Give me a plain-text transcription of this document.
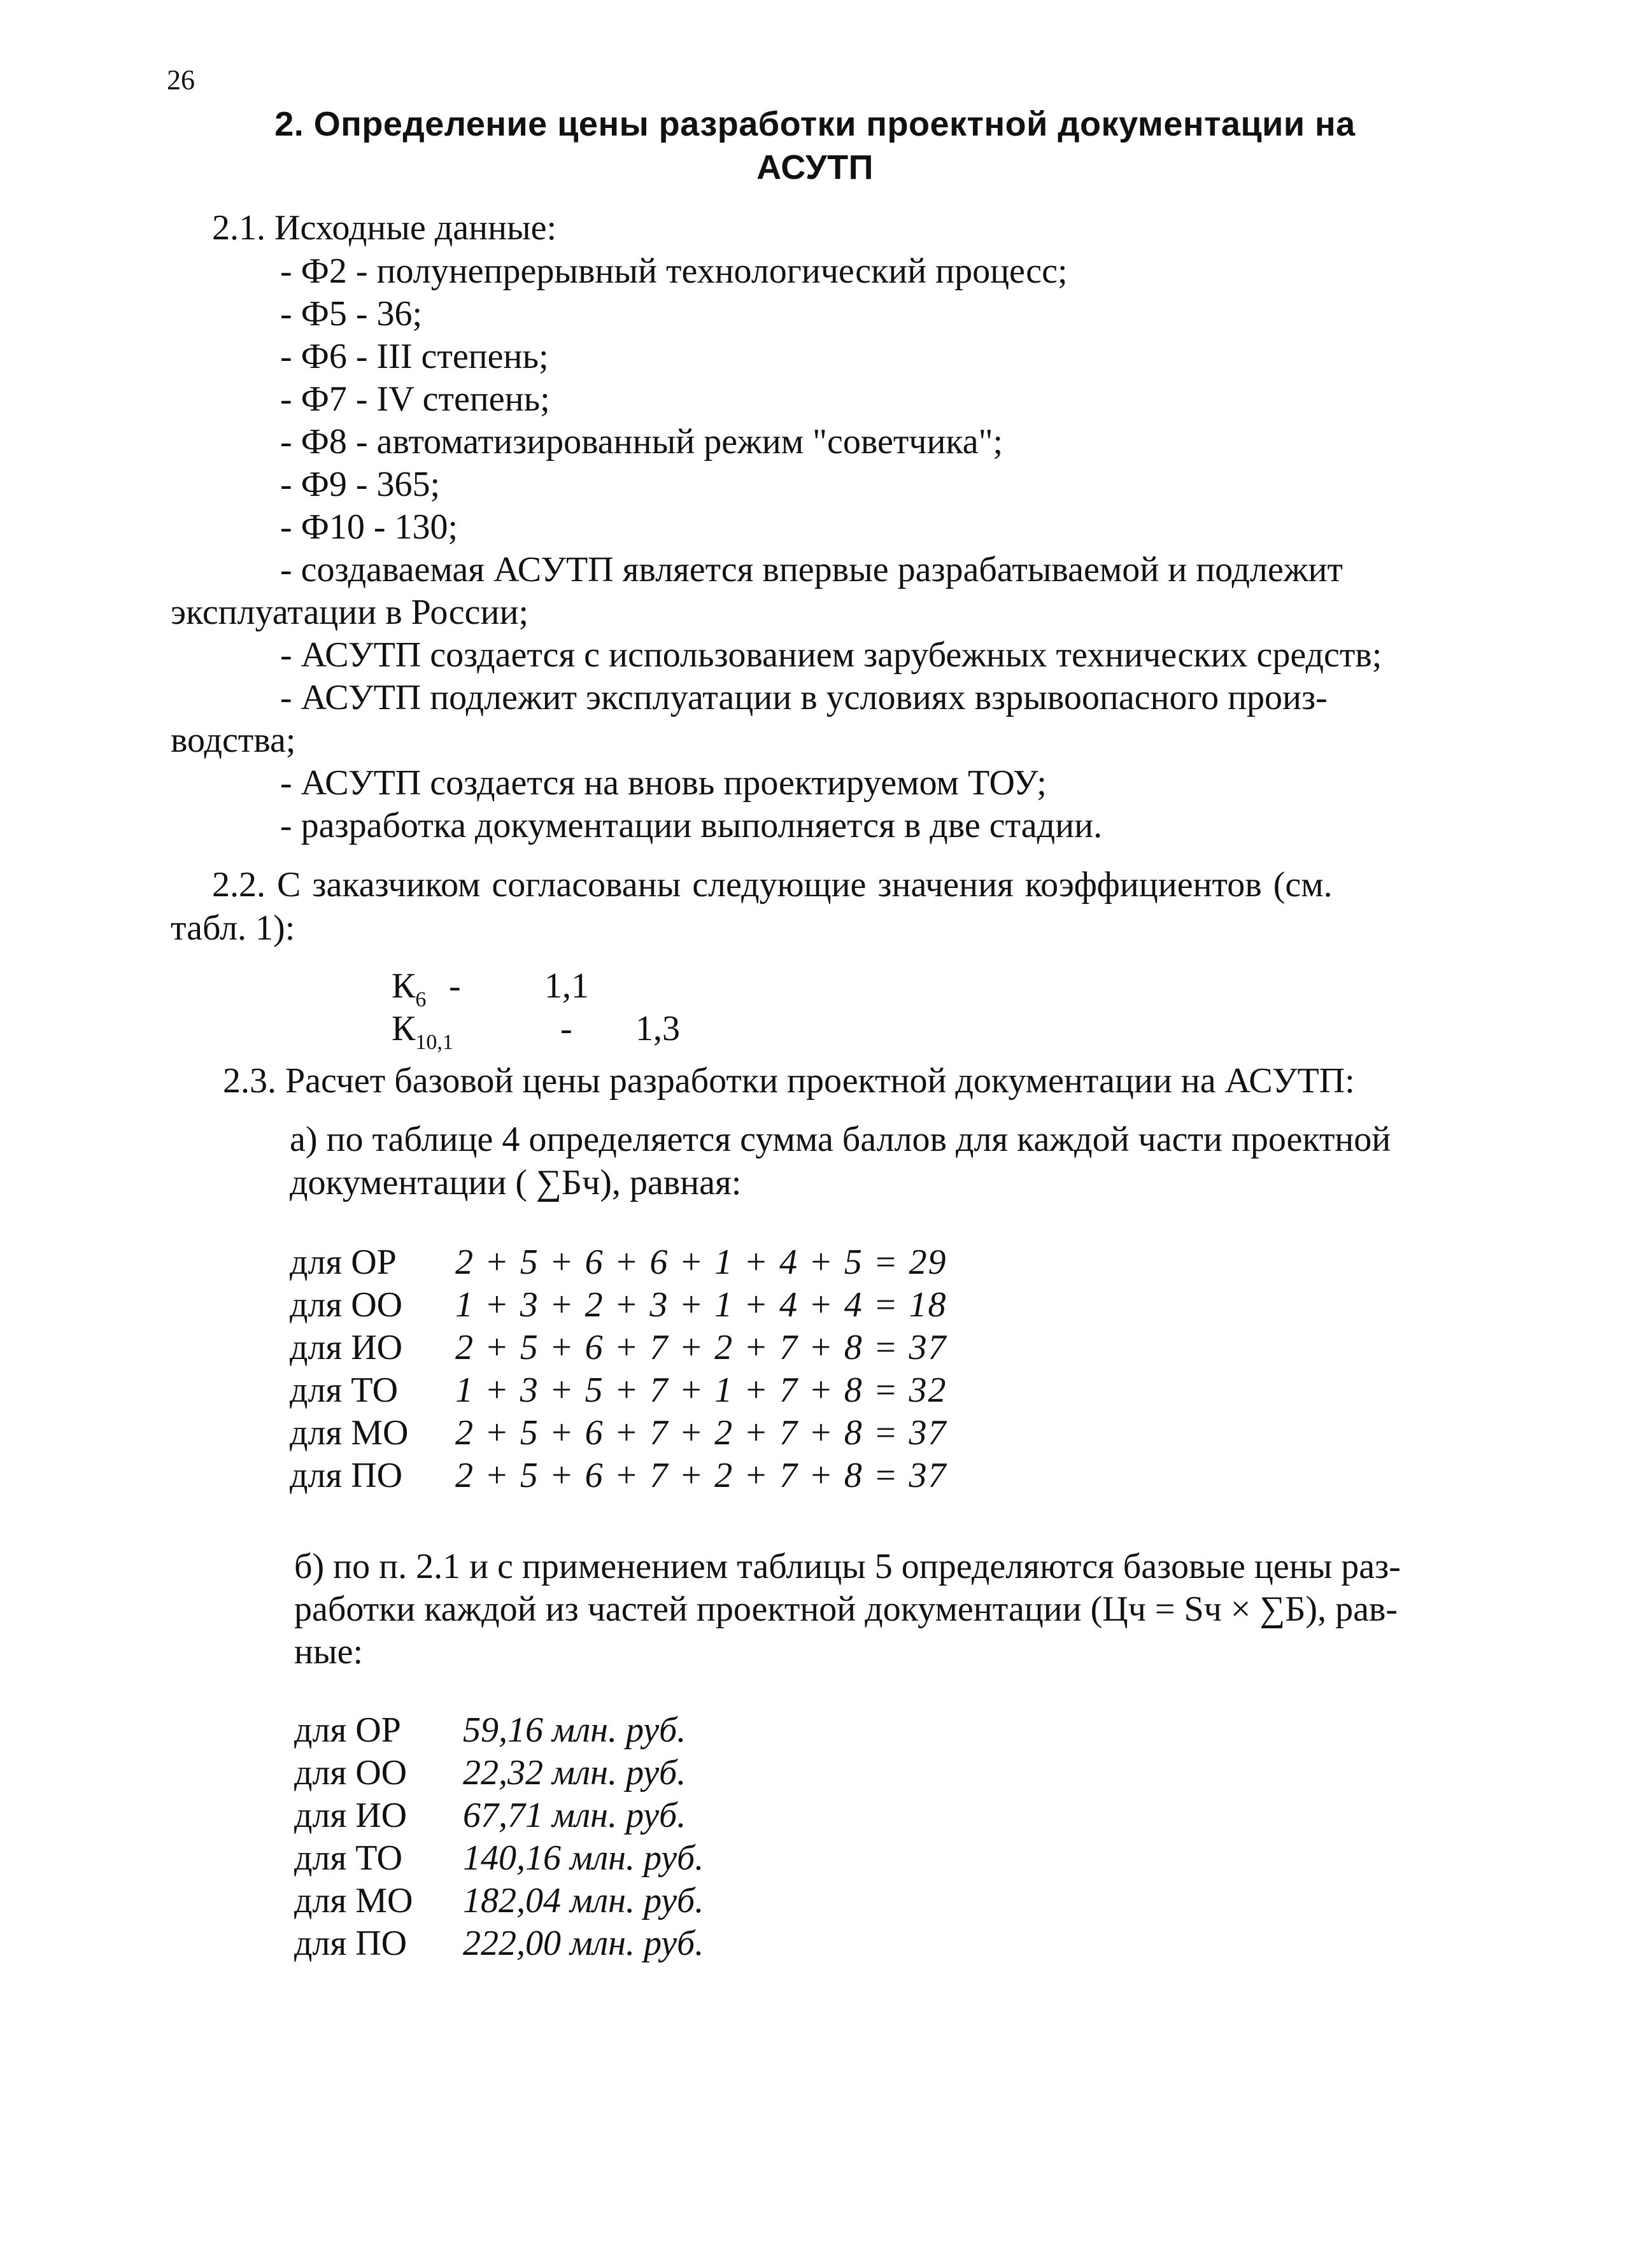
26
2. Определение цены разработки проектной документации на
АСУТП
2.1. Исходные данные:
- Ф2 - полунепрерывный технологический процесс;
- Ф5 - 36;
- Ф6 - III степень;
- Ф7 - IV степень;
- Ф8 - автоматизированный режим "советчика";
- Ф9 - 365;
- Ф10 - 130;
- создаваемая АСУТП является впервые разрабатываемой и подлежит
эксплуатации в России;
- АСУТП создается с использованием зарубежных технических средств;
- АСУТП подлежит эксплуатации в условиях взрывоопасного произ-
водства;
- АСУТП создается на вновь проектируемом ТОУ;
- разработка документации выполняется в две стадии.
2.2. С заказчиком согласованы следующие значения коэффициентов (см.
табл. 1):
$К_6 - 1,1$
$К_{10,1}$	- 1,3
2.3. Расчет базовой цены разработки проектной документации на АСУТП:
а) по таблице 4 определяется сумма баллов для каждой части проектной
документации ( ∑Бч), равная:
для ОР 2 + 5 + 6 + 6 + 1 + 4 + 5 = 29
для ОО 1 + 3 + 2 + 3 + 1 + 4 + 4 = 18
для ИО 2 + 5 + 6 + 7 + 2 + 7 + 8 = 37
для ТО 1 + 3 + 5 + 7 + 1 + 7 + 8 = 32
для МО 2 + 5 + 6 + 7 + 2 + 7 + 8 = 37
для ПО 2 + 5 + 6 + 7 + 2 + 7 + 8 = 37
б) по п. 2.1 и с применением таблицы 5 определяются базовые цены раз-
работки каждой из частей проектной документации (Цч = Sч × ∑Б), рав-
ные:
для ОР 59,16 млн. руб.
для ОО 22,32 млн. руб.
для ИО 67,71 млн. руб.
для ТО 140,16 млн. руб.
для МО 182,04 млн. руб.
для ПО 222,00 млн. руб.
